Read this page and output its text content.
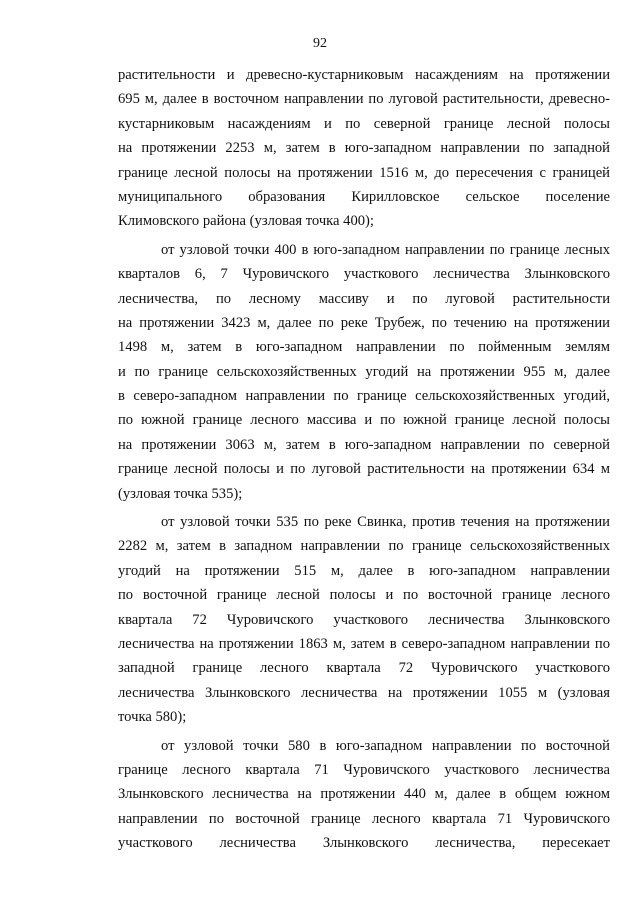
92
растительности и древесно-кустарниковым насаждениям на протяжении
695 м, далее в восточном направлении по луговой растительности, древесно-
кустарниковым насаждениям и по северной границе лесной полосы
на протяжении 2253 м, затем в юго-западном направлении по западной
границе лесной полосы на протяжении 1516 м, до пересечения с границей
муниципального образования Кирилловское сельское поселение
Климовского района (узловая точка 400);
от узловой точки 400 в юго-западном направлении по границе лесных
кварталов 6, 7 Чуровичского участкового лесничества Злынковского
лесничества, по лесному массиву и по луговой растительности
на протяжении 3423 м, далее по реке Трубеж, по течению на протяжении
1498 м, затем в юго-западном направлении по пойменным землям
и по границе сельскохозяйственных угодий на протяжении 955 м, далее
в северо-западном направлении по границе сельскохозяйственных угодий,
по южной границе лесного массива и по южной границе лесной полосы
на протяжении 3063 м, затем в юго-западном направлении по северной
границе лесной полосы и по луговой растительности на протяжении 634 м
(узловая точка 535);
от узловой точки 535 по реке Свинка, против течения на протяжении
2282 м, затем в западном направлении по границе сельскохозяйственных
угодий на протяжении 515 м, далее в юго-западном направлении
по восточной границе лесной полосы и по восточной границе лесного
квартала 72 Чуровичского участкового лесничества Злынковского
лесничества на протяжении 1863 м, затем в северо-западном направлении по
западной границе лесного квартала 72 Чуровичского участкового
лесничества Злынковского лесничества на протяжении 1055 м (узловая
точка 580);
от узловой точки 580 в юго-западном направлении по восточной
границе лесного квартала 71 Чуровичского участкового лесничества
Злынковского лесничества на протяжении 440 м, далее в общем южном
направлении по восточной границе лесного квартала 71 Чуровичского
участкового лесничества Злынковского лесничества, пересекает
